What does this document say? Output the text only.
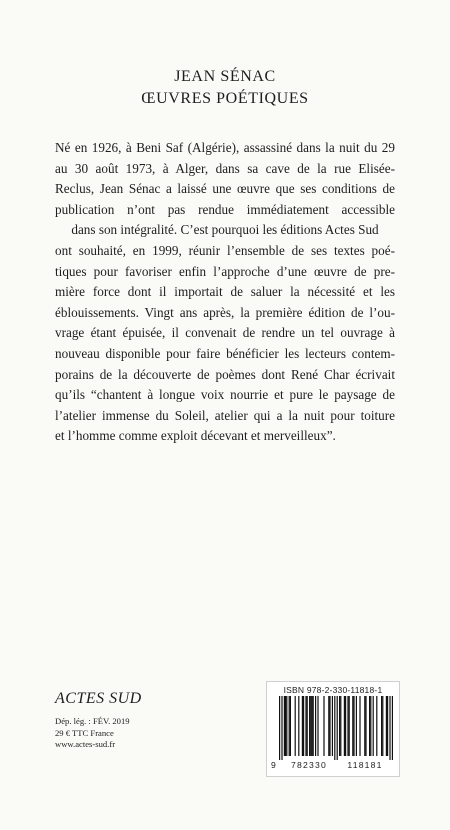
JEAN SÉNAC
ŒUVRES POÉTIQUES

Né en 1926, à Beni Saf (Algérie), assassiné dans la nuit du 29
au 30 août 1973, à Alger, dans sa cave de la rue Elisée-
Reclus, Jean Sénac a laissé une œuvre que ses conditions de
publication n’ont pas rendue immédiatement accessible
dans son intégralité. C’est pourquoi les éditions Actes Sud
ont souhaité, en 1999, réunir l’ensemble de ses textes poé-
tiques pour favoriser enfin l’approche d’une œuvre de pre-
mière force dont il importait de saluer la nécessité et les
éblouissements. Vingt ans après, la première édition de l’ou-
vrage étant épuisée, il convenait de rendre un tel ouvrage à
nouveau disponible pour faire bénéficier les lecteurs contem-
porains de la découverte de poèmes dont René Char écrivait
qu’ils “chantent à longue voix nourrie et pure le paysage de
l’atelier immense du Soleil, atelier qui a la nuit pour toiture
et l’homme comme exploit décevant et merveilleux”.

ACTES SUD
Dép. lég. : FÉV. 2019
29 € TTC France
www.actes-sud.fr
ISBN 978-2-330-11818-1
9	782330	118181
